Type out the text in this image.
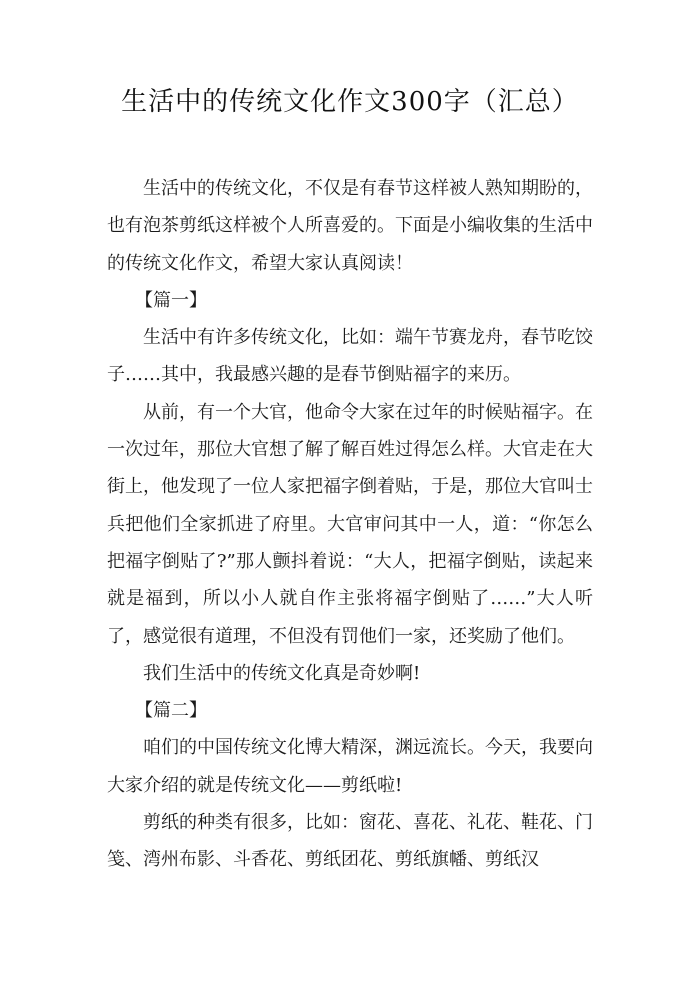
生活中的传统文化作文300字（汇总）

生活中的传统文化，不仅是有春节这样被人熟知期盼的，也有泡茶剪纸这样被个人所喜爱的。下面是小编收集的生活中的传统文化作文，希望大家认真阅读！

【篇一】

生活中有许多传统文化，比如：端午节赛龙舟，春节吃饺子……其中，我最感兴趣的是春节倒贴福字的来历。

从前，有一个大官，他命令大家在过年的时候贴福字。在一次过年，那位大官想了解了解百姓过得怎么样。大官走在大街上，他发现了一位人家把福字倒着贴，于是，那位大官叫士兵把他们全家抓进了府里。大官审问其中一人，道：“你怎么把福字倒贴了?”那人颤抖着说：“大人，把福字倒贴，读起来就是福到，所以小人就自作主张将福字倒贴了……”大人听了，感觉很有道理，不但没有罚他们一家，还奖励了他们。

我们生活中的传统文化真是奇妙啊!

【篇二】

咱们的中国传统文化博大精深，渊远流长。今天，我要向大家介绍的就是传统文化——剪纸啦!

剪纸的种类有很多，比如：窗花、喜花、礼花、鞋花、门笺、湾州布影、斗香花、剪纸团花、剪纸旗幡、剪纸汉
